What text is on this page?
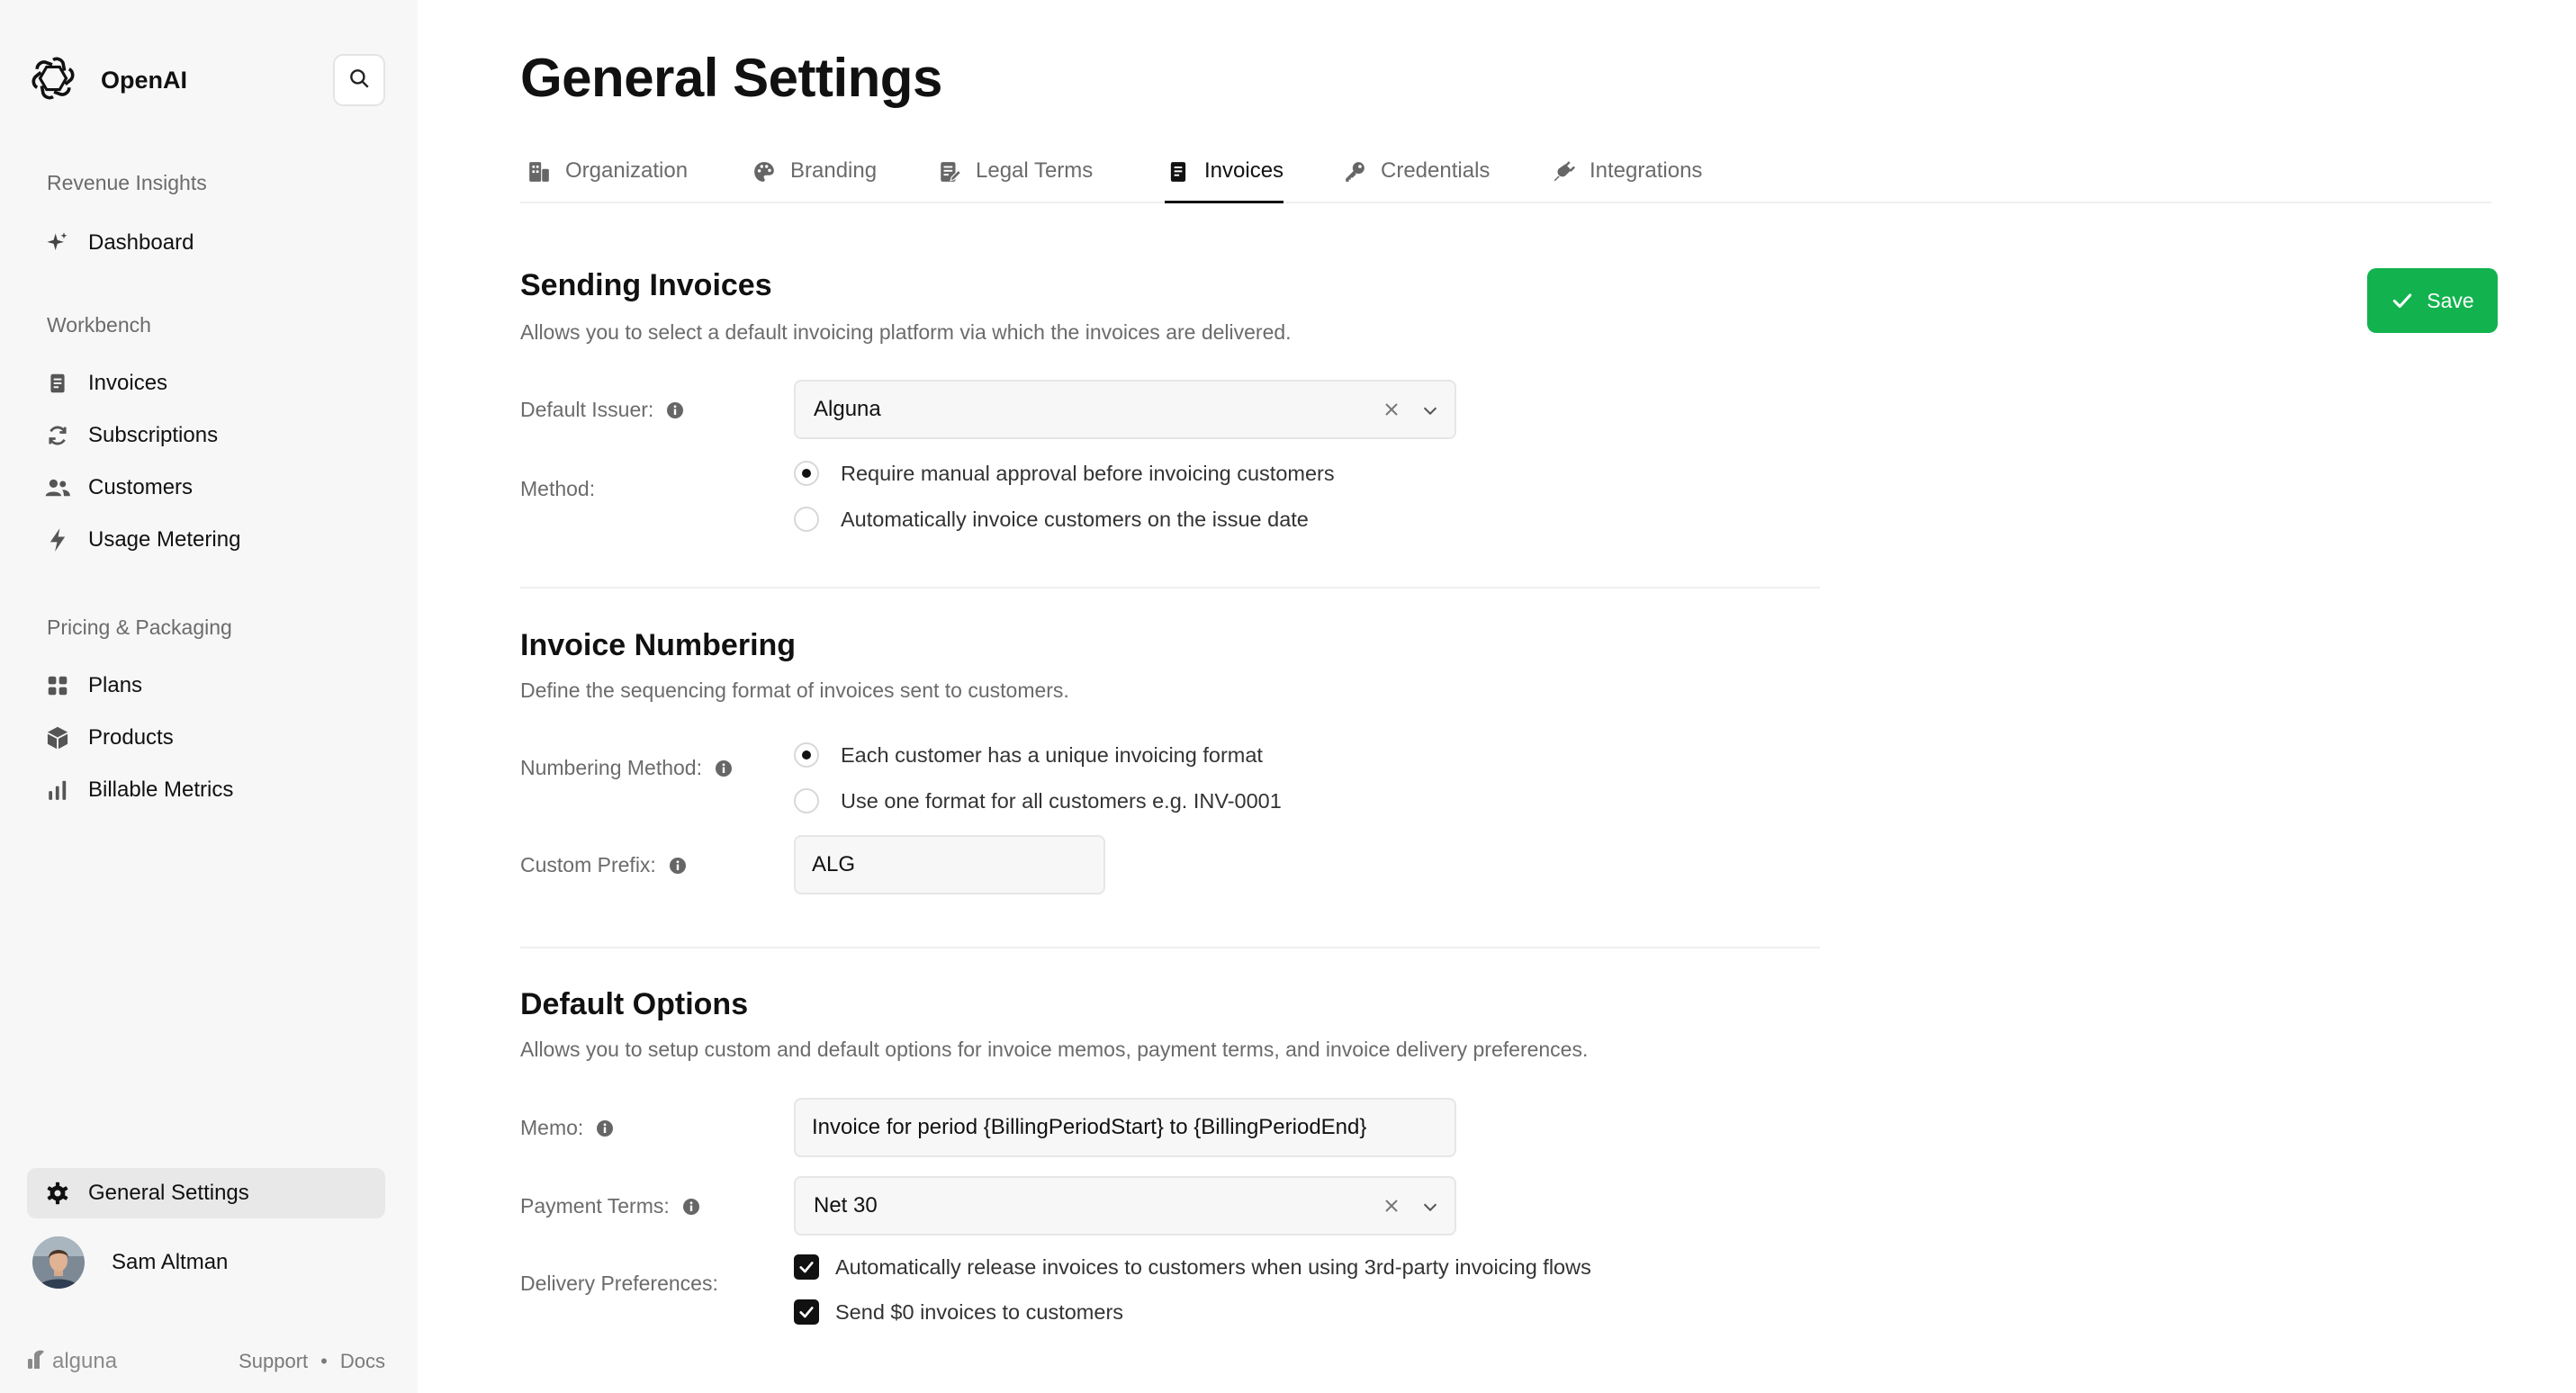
OpenAI
Revenue Insights
Dashboard
Workbench
Invoices
Subscriptions
Customers
Usage Metering
Pricing & Packaging
Plans
Products
Billable Metrics
General Settings
Sam Altman
alguna	Support • Docs
General Settings
Organization	Branding	Legal Terms	Invoices	Credentials	Integrations
Save
Sending Invoices

Allows you to select a default invoicing platform via which the invoices are delivered.

Default Issuer:	Alguna
Method:
Require manual approval before invoicing customers
Automatically invoice customers on the issue date
Invoice Numbering

Define the sequencing format of invoices sent to customers.

Numbering Method:
Each customer has a unique invoicing format
Use one format for all customers e.g. INV-0001
Custom Prefix:	ALG
Default Options

Allows you to setup custom and default options for invoice memos, payment terms, and invoice delivery preferences.

Memo:	Invoice for period {BillingPeriodStart} to {BillingPeriodEnd}
Payment Terms:	Net 30
Delivery Preferences:
Automatically release invoices to customers when using 3rd-party invoicing flows
Send $0 invoices to customers
